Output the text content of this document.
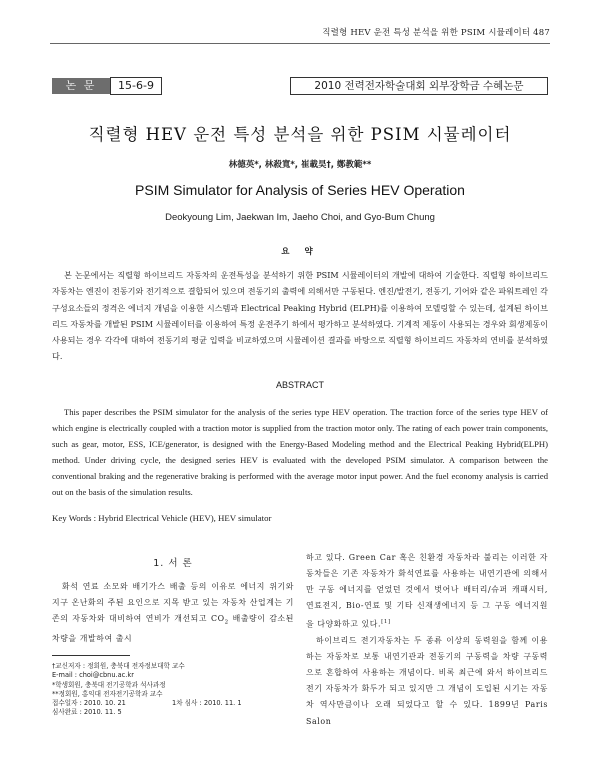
직렬형 HEV 운전 특성 분석을 위한 PSIM 시뮬레이터 487
논 문	15-6-9	2010 전력전자학술대회 외부장학금 수혜논문
직렬형 HEV 운전 특성 분석을 위한 PSIM 시뮬레이터
林德英*, 林殺寬*, 崔載昊†, 鄭教範**
PSIM Simulator for Analysis of Series HEV Operation
Deokyoung Lim, Jaekwan Im, Jaeho Choi, and Gyo-Bum Chung
요 약
본 논문에서는 직렬형 하이브리드 자동차의 운전특성을 분석하기 위한 PSIM 시뮬레이터의 개발에 대하여 기술한다. 직렬형 하이브리드 자동차는 엔진이 전동기와 전기적으로 결합되어 있으며 전동기의 출력에 의해서만 구동된다. 엔진/발전기, 전동기, 기어와 같은 파워트레인 각 구성요소들의 정격은 에너지 개념을 이용한 시스템과 Electrical Peaking Hybrid (ELPH)를 이용하여 모델링할 수 있는데, 설계된 하이브리드 자동차를 개발된 PSIM 시뮬레이터를 이용하여 특정 운전주기 하에서 평가하고 분석하였다. 기계적 제동이 사용되는 경우와 회생제동이 사용되는 경우 각각에 대하여 전동기의 평균 입력을 비교하였으며 시뮬레이션 결과를 바탕으로 직렬형 하이브리드 자동차의 연비를 분석하였다.
ABSTRACT
This paper describes the PSIM simulator for the analysis of the series type HEV operation. The traction force of the series type HEV of which engine is electrically coupled with a traction motor is supplied from the traction motor only. The rating of each power train components, such as gear, motor, ESS, ICE/generator, is designed with the Energy-Based Modeling method and the Electrical Peaking Hybrid(ELPH) method. Under driving cycle, the designed series HEV is evaluated with the developed PSIM simulator. A comparison between the conventional braking and the regenerative braking is performed with the average motor input power. And the fuel economy analysis is carried out on the basis of the simulation results.
Key Words : Hybrid Electrical Vehicle (HEV), HEV simulator
1. 서 론

화석 연료 소모와 배기가스 배출 등의 이유로 에너지 위기와 지구 온난화의 주된 요인으로 지목 받고 있는 자동차 산업계는 기존의 자동차와 대비하여 연비가 개선되고 $CO_2$ 배출량이 감소된 차량을 개발하여 출시

†교신저자 : 정회원, 충북대 전자정보대학 교수
E-mail : choi@cbnu.ac.kr
*학생회원, 충북대 전기공학과 석사과정
**정회원, 홍익대 전자전기공학과 교수
접수일자 : 2010. 10. 21	1차 심사 : 2010. 11. 1
심사완료 : 2010. 11. 5

하고 있다. Green Car 혹은 친환경 자동차라 불리는 이러한 자동차들은 기존 자동차가 화석연료를 사용하는 내연기관에 의해서만 구동 에너지를 얻었던 것에서 벗어나 배터리/슈퍼 캐패시터, 연료전지, Bio-연료 및 기타 신재생에너지 등 그 구동 에너지원을 다양화하고 있다.[1]

하이브리드 전기자동차는 두 종류 이상의 동력원을 함께 이용하는 자동차로 보통 내연기관과 전동기의 구동력을 차량 구동력으로 혼합하여 사용하는 개념이다. 비록 최근에 와서 하이브리드 전기 자동차가 화두가 되고 있지만 그 개념이 도입된 시기는 자동차 역사만큼이나 오래 되었다고 할 수 있다. 1899년 Paris Salon
